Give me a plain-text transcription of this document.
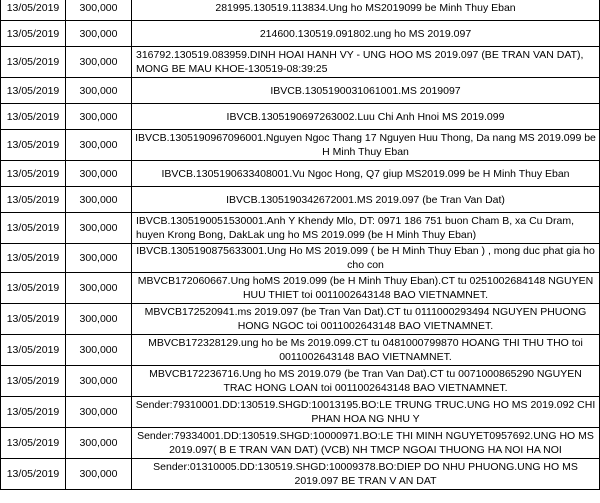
13/05/2019	300,000	281995.130519.113834.Ung ho MS2019099 be Minh Thuy Eban
13/05/2019	300,000	214600.130519.091802.ung ho MS 2019.097
13/05/2019	300,000	316792.130519.083959.DINH HOAI HANH VY - UNG HOO MS 2019.097 (BE TRAN VAN DAT), MONG BE MAU KHOE-130519-08:39:25
13/05/2019	300,000	IBVCB.1305190031061001.MS 2019097
13/05/2019	300,000	IBVCB.1305190697263002.Luu Chi Anh Hnoi MS 2019.099
13/05/2019	300,000	IBVCB.1305190967096001.Nguyen Ngoc Thang 17 Nguyen Huu Thong, Da nang MS 2019.099 be H Minh Thuy Eban
13/05/2019	300,000	IBVCB.1305190633408001.Vu Ngoc Hong, Q7 giup MS2019.099 be H Minh Thuy Eban
13/05/2019	300,000	IBVCB.1305190342672001.MS 2019.097 (be Tran Van Dat)
13/05/2019	300,000	IBVCB.1305190051530001.Anh Y Khendy Mlo, DT: 0971 186 751 buon Cham B, xa Cu Dram, huyen Krong Bong, DakLak ung ho MS 2019.099 (be H Minh Thuy Eban)
13/05/2019	300,000	IBVCB.1305190875633001.Ung Ho MS 2019.099 ( be H Minh Thuy Eban ) , mong duc phat gia ho cho con
13/05/2019	300,000	MBVCB172060667.Ung hoMS 2019.099 (be H Minh Thuy Eban).CT tu 0251002684148 NGUYEN HUU THIET toi 0011002643148 BAO VIETNAMNET.
13/05/2019	300,000	MBVCB172520941.ms 2019.097 (be Tran Van Dat).CT tu 0111000293494 NGUYEN PHUONG HONG NGOC toi 0011002643148 BAO VIETNAMNET.
13/05/2019	300,000	MBVCB172328129.ung ho be Ms 2019.099.CT tu 0481000799870 HOANG THI THU THO toi 0011002643148 BAO VIETNAMNET.
13/05/2019	300,000	MBVCB172236716.Ung ho MS 2019.079 (be Tran Van Dat).CT tu 0071000865290 NGUYEN TRAC HONG LOAN toi 0011002643148 BAO VIETNAMNET.
13/05/2019	300,000	Sender:79310001.DD:130519.SHGD:10013195.BO:LE TRUNG TRUC.UNG HO MS 2019.092 CHI PHAN HOA NG NHU Y
13/05/2019	300,000	Sender:79334001.DD:130519.SHGD:10000971.BO:LE THI MINH NGUYET0957692.UNG HO MS 2019.097( B E TRAN VAN DAT) (VCB) NH TMCP NGOAI THUONG HA NOI HA NOI
13/05/2019	300,000	Sender:01310005.DD:130519.SHGD:10009378.BO:DIEP DO NHU PHUONG.UNG HO MS 2019.097 BE TRAN V AN DAT
